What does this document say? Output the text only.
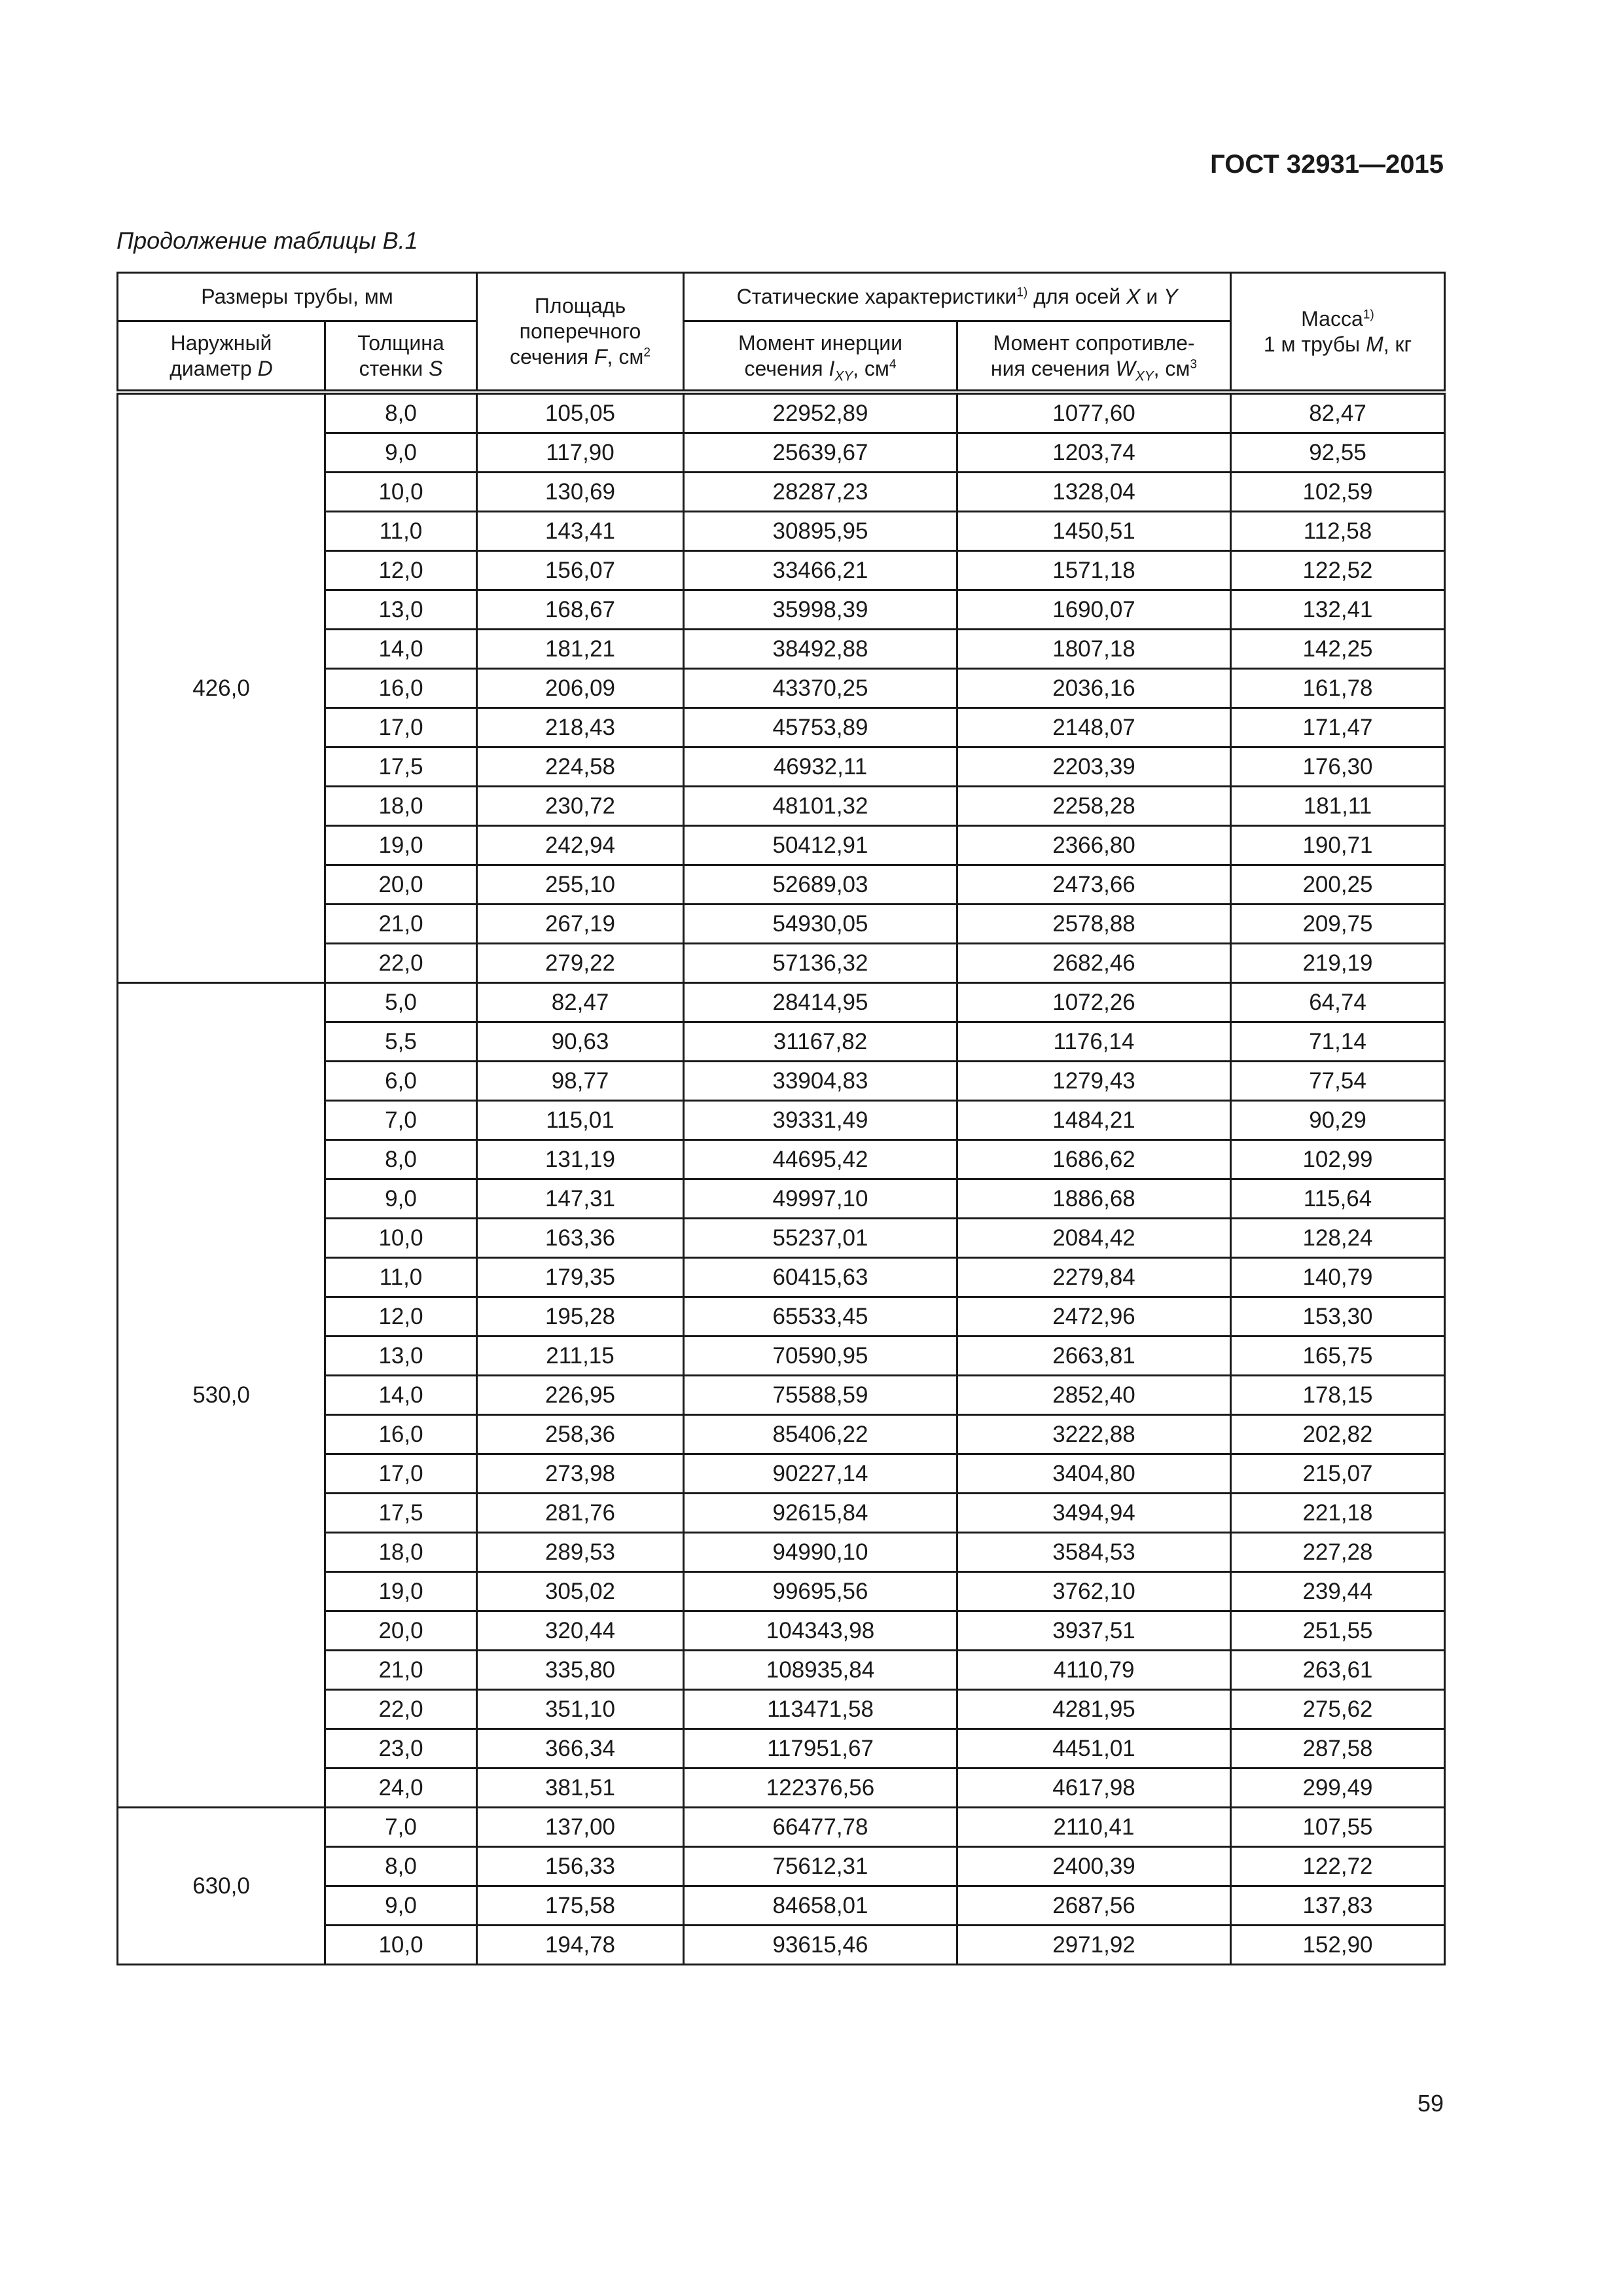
ГОСТ 32931—2015
Продолжение таблицы В.1
Размеры трубы, мм		Площадь
поперечного
сечения F, $см^2$	Статические характеристики$^{1)}$ для осей X и Y		Масса$^{1)}$
1 м трубы M, кг
Наружный
диаметр D	Толщина
стенки S		Момент инерции
сечения $I_{XY}$, $см^4$	Момент сопротивле-
ния сечения $W_{XY}$, $см^3$
426,0	8,0	105,05	22952,89	1077,60	82,47
	9,0	117,90	25639,67	1203,74	92,55
	10,0	130,69	28287,23	1328,04	102,59
	11,0	143,41	30895,95	1450,51	112,58
	12,0	156,07	33466,21	1571,18	122,52
	13,0	168,67	35998,39	1690,07	132,41
	14,0	181,21	38492,88	1807,18	142,25
	16,0	206,09	43370,25	2036,16	161,78
	17,0	218,43	45753,89	2148,07	171,47
	17,5	224,58	46932,11	2203,39	176,30
	18,0	230,72	48101,32	2258,28	181,11
	19,0	242,94	50412,91	2366,80	190,71
	20,0	255,10	52689,03	2473,66	200,25
	21,0	267,19	54930,05	2578,88	209,75
	22,0	279,22	57136,32	2682,46	219,19
530,0	5,0	82,47	28414,95	1072,26	64,74
	5,5	90,63	31167,82	1176,14	71,14
	6,0	98,77	33904,83	1279,43	77,54
	7,0	115,01	39331,49	1484,21	90,29
	8,0	131,19	44695,42	1686,62	102,99
	9,0	147,31	49997,10	1886,68	115,64
	10,0	163,36	55237,01	2084,42	128,24
	11,0	179,35	60415,63	2279,84	140,79
	12,0	195,28	65533,45	2472,96	153,30
	13,0	211,15	70590,95	2663,81	165,75
	14,0	226,95	75588,59	2852,40	178,15
	16,0	258,36	85406,22	3222,88	202,82
	17,0	273,98	90227,14	3404,80	215,07
	17,5	281,76	92615,84	3494,94	221,18
	18,0	289,53	94990,10	3584,53	227,28
	19,0	305,02	99695,56	3762,10	239,44
	20,0	320,44	104343,98	3937,51	251,55
	21,0	335,80	108935,84	4110,79	263,61
	22,0	351,10	113471,58	4281,95	275,62
	23,0	366,34	117951,67	4451,01	287,58
	24,0	381,51	122376,56	4617,98	299,49
630,0	7,0	137,00	66477,78	2110,41	107,55
	8,0	156,33	75612,31	2400,39	122,72
	9,0	175,58	84658,01	2687,56	137,83
	10,0	194,78	93615,46	2971,92	152,90
59
